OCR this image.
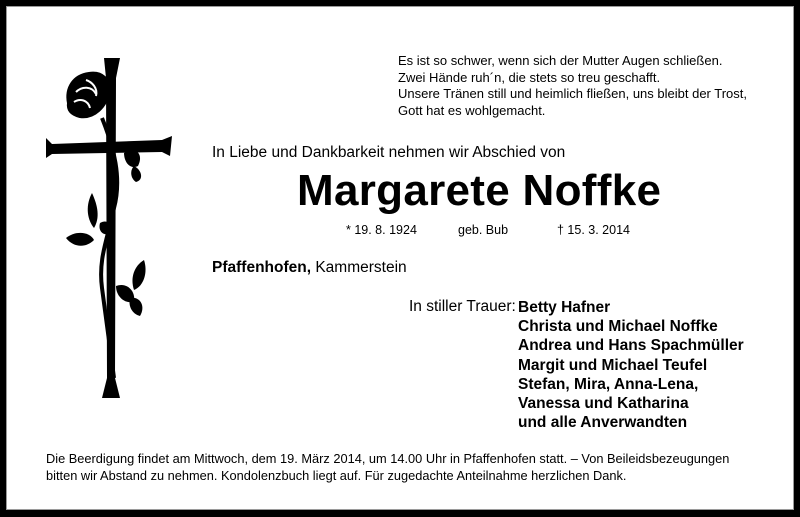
Es ist so schwer, wenn sich der Mutter Augen schließen.
Zwei Hände ruh´n, die stets so treu geschafft.
Unsere Tränen still und heimlich fließen, uns bleibt der Trost,
Gott hat es wohlgemacht.
In Liebe und Dankbarkeit nehmen wir Abschied von
Margarete Noffke
* 19. 8. 1924	geb. Bub	† 15. 3. 2014
Pfaffenhofen, Kammerstein
In stiller Trauer: Betty Hafner
Christa und Michael Noffke
Andrea und Hans Spachmüller
Margit und Michael Teufel
Stefan, Mira, Anna-Lena,
Vanessa und Katharina
und alle Anverwandten
Die Beerdigung findet am Mittwoch, dem 19. März 2014, um 14.00 Uhr in Pfaffenhofen statt. – Von Beileidsbezeugungen
bitten wir Abstand zu nehmen. Kondolenzbuch liegt auf. Für zugedachte Anteilnahme herzlichen Dank.
